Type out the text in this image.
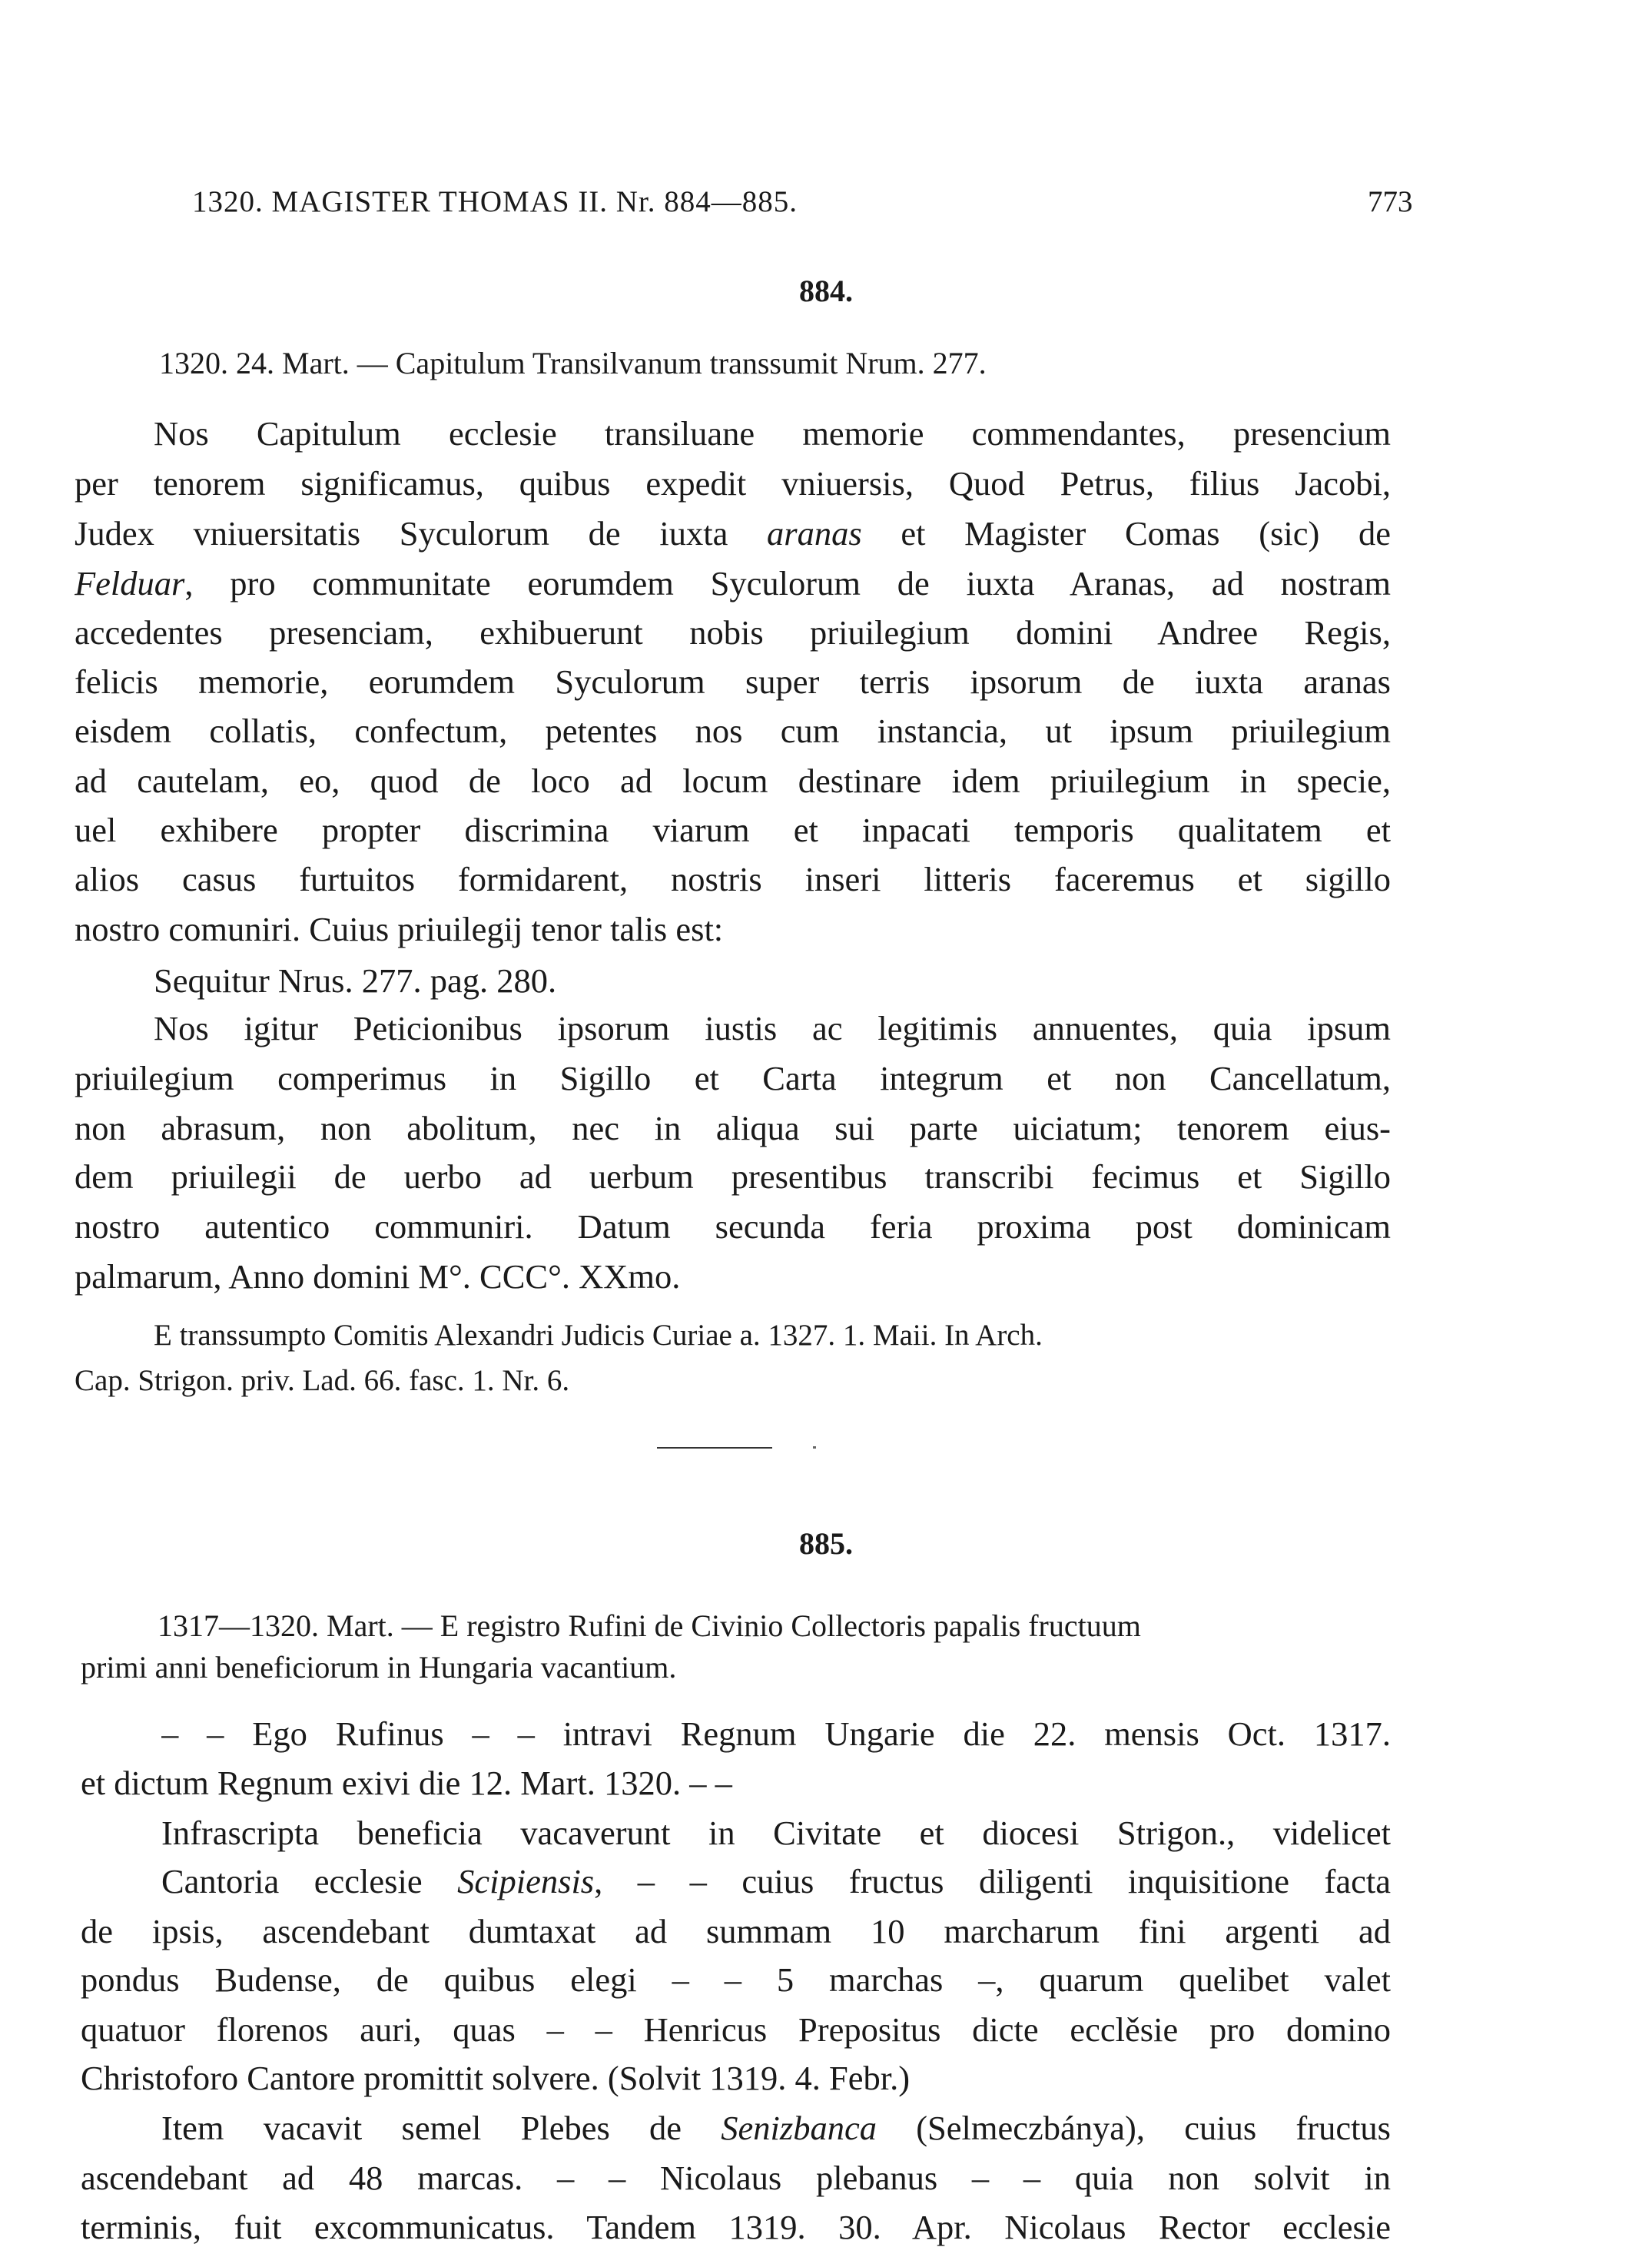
1320. MAGISTER THOMAS II. Nr. 884—885.	773
884.
1320. 24. Mart. — Capitulum Transilvanum transsumit Nrum. 277.
Nos Capitulum ecclesie transiluane memorie commendantes, presencium
per tenorem significamus, quibus expedit vniuersis, Quod Petrus, filius Jacobi,
Judex vniuersitatis Syculorum de iuxta aranas et Magister Comas (sic) de
Felduar, pro communitate eorumdem Syculorum de iuxta Aranas, ad nostram
accedentes presenciam, exhibuerunt nobis priuilegium domini Andree Regis,
felicis memorie, eorumdem Syculorum super terris ipsorum de iuxta aranas
eisdem collatis, confectum, petentes nos cum instancia, ut ipsum priuilegium
ad cautelam, eo, quod de loco ad locum destinare idem priuilegium in specie,
uel exhibere propter discrimina viarum et inpacati temporis qualitatem et
alios casus furtuitos formidarent, nostris inseri litteris faceremus et sigillo
nostro comuniri. Cuius priuilegij tenor talis est:
Sequitur Nrus. 277. pag. 280.
Nos igitur Peticionibus ipsorum iustis ac legitimis annuentes, quia ipsum
priuilegium comperimus in Sigillo et Carta integrum et non Cancellatum,
non abrasum, non abolitum, nec in aliqua sui parte uiciatum; tenorem eius-
dem priuilegii de uerbo ad uerbum presentibus transcribi fecimus et Sigillo
nostro autentico communiri. Datum secunda feria proxima post dominicam
palmarum, Anno domini M°. CCC°. XXmo.
E transsumpto Comitis Alexandri Judicis Curiae a. 1327. 1. Maii. In Arch.
Cap. Strigon. priv. Lad. 66. fasc. 1. Nr. 6.
885.
1317—1320. Mart. — E registro Rufini de Civinio Collectoris papalis fructuum
primi anni beneficiorum in Hungaria vacantium.
– – Ego Rufinus – – intravi Regnum Ungarie die 22. mensis Oct. 1317.
et dictum Regnum exivi die 12. Mart. 1320. – –
Infrascripta beneficia vacaverunt in Civitate et diocesi Strigon., videlicet
Cantoria ecclesie Scipiensis, – – cuius fructus diligenti inquisitione facta
de ipsis, ascendebant dumtaxat ad summam 10 marcharum fini argenti ad
pondus Budense, de quibus elegi – – 5 marchas –, quarum quelibet valet
quatuor florenos auri, quas – – Henricus Prepositus dicte ecclěsie pro domino
Christoforo Cantore promittit solvere. (Solvit 1319. 4. Febr.)
Item vacavit semel Plebes de Senizbanca (Selmeczbánya), cuius fructus
ascendebant ad 48 marcas. – – Nicolaus plebanus – – quia non solvit in
terminis, fuit excommunicatus. Tandem 1319. 30. Apr. Nicolaus Rector ecclesie
